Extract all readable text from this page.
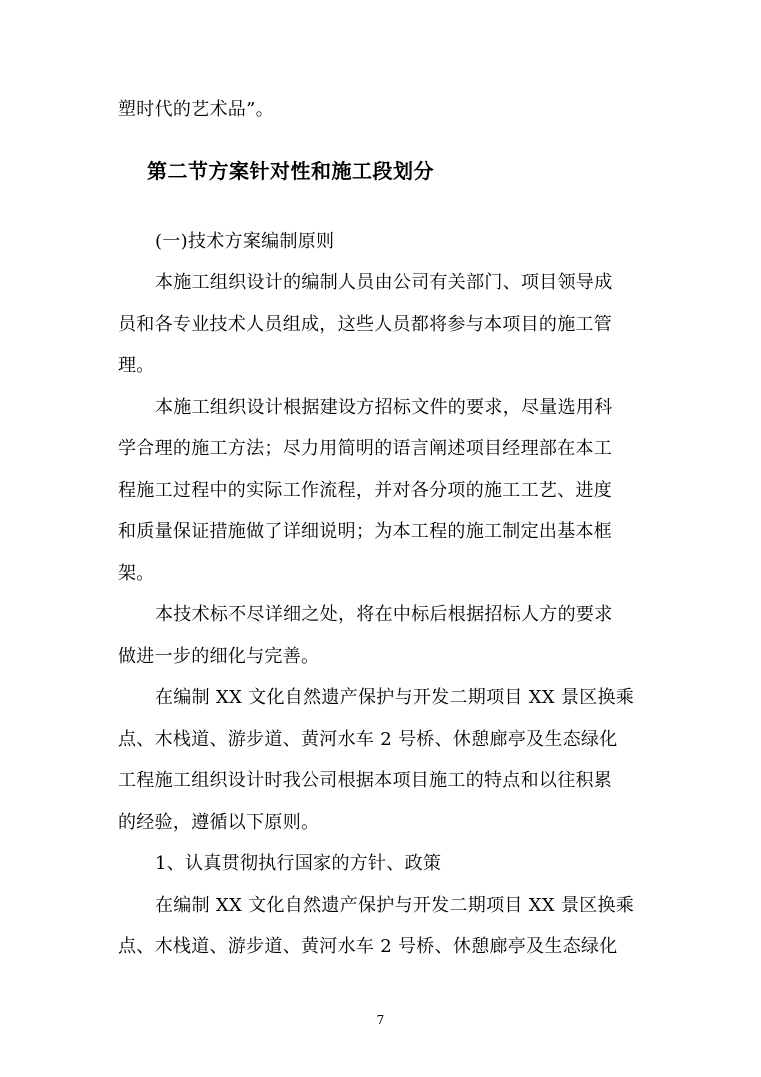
塑时代的艺术品”。
第二节方案针对性和施工段划分
(一)技术方案编制原则
本施工组织设计的编制人员由公司有关部门、项目领导成
员和各专业技术人员组成，这些人员都将参与本项目的施工管
理。
本施工组织设计根据建设方招标文件的要求，尽量选用科
学合理的施工方法；尽力用简明的语言阐述项目经理部在本工
程施工过程中的实际工作流程，并对各分项的施工工艺、进度
和质量保证措施做了详细说明；为本工程的施工制定出基本框
架。
本技术标不尽详细之处，将在中标后根据招标人方的要求
做进一步的细化与完善。
在编制 XX 文化自然遗产保护与开发二期项目 XX 景区换乘
点、木栈道、游步道、黄河水车 2 号桥、休憩廊亭及生态绿化
工程施工组织设计时我公司根据本项目施工的特点和以往积累
的经验，遵循以下原则。
1、认真贯彻执行国家的方针、政策
在编制 XX 文化自然遗产保护与开发二期项目 XX 景区换乘
点、木栈道、游步道、黄河水车 2 号桥、休憩廊亭及生态绿化
7
